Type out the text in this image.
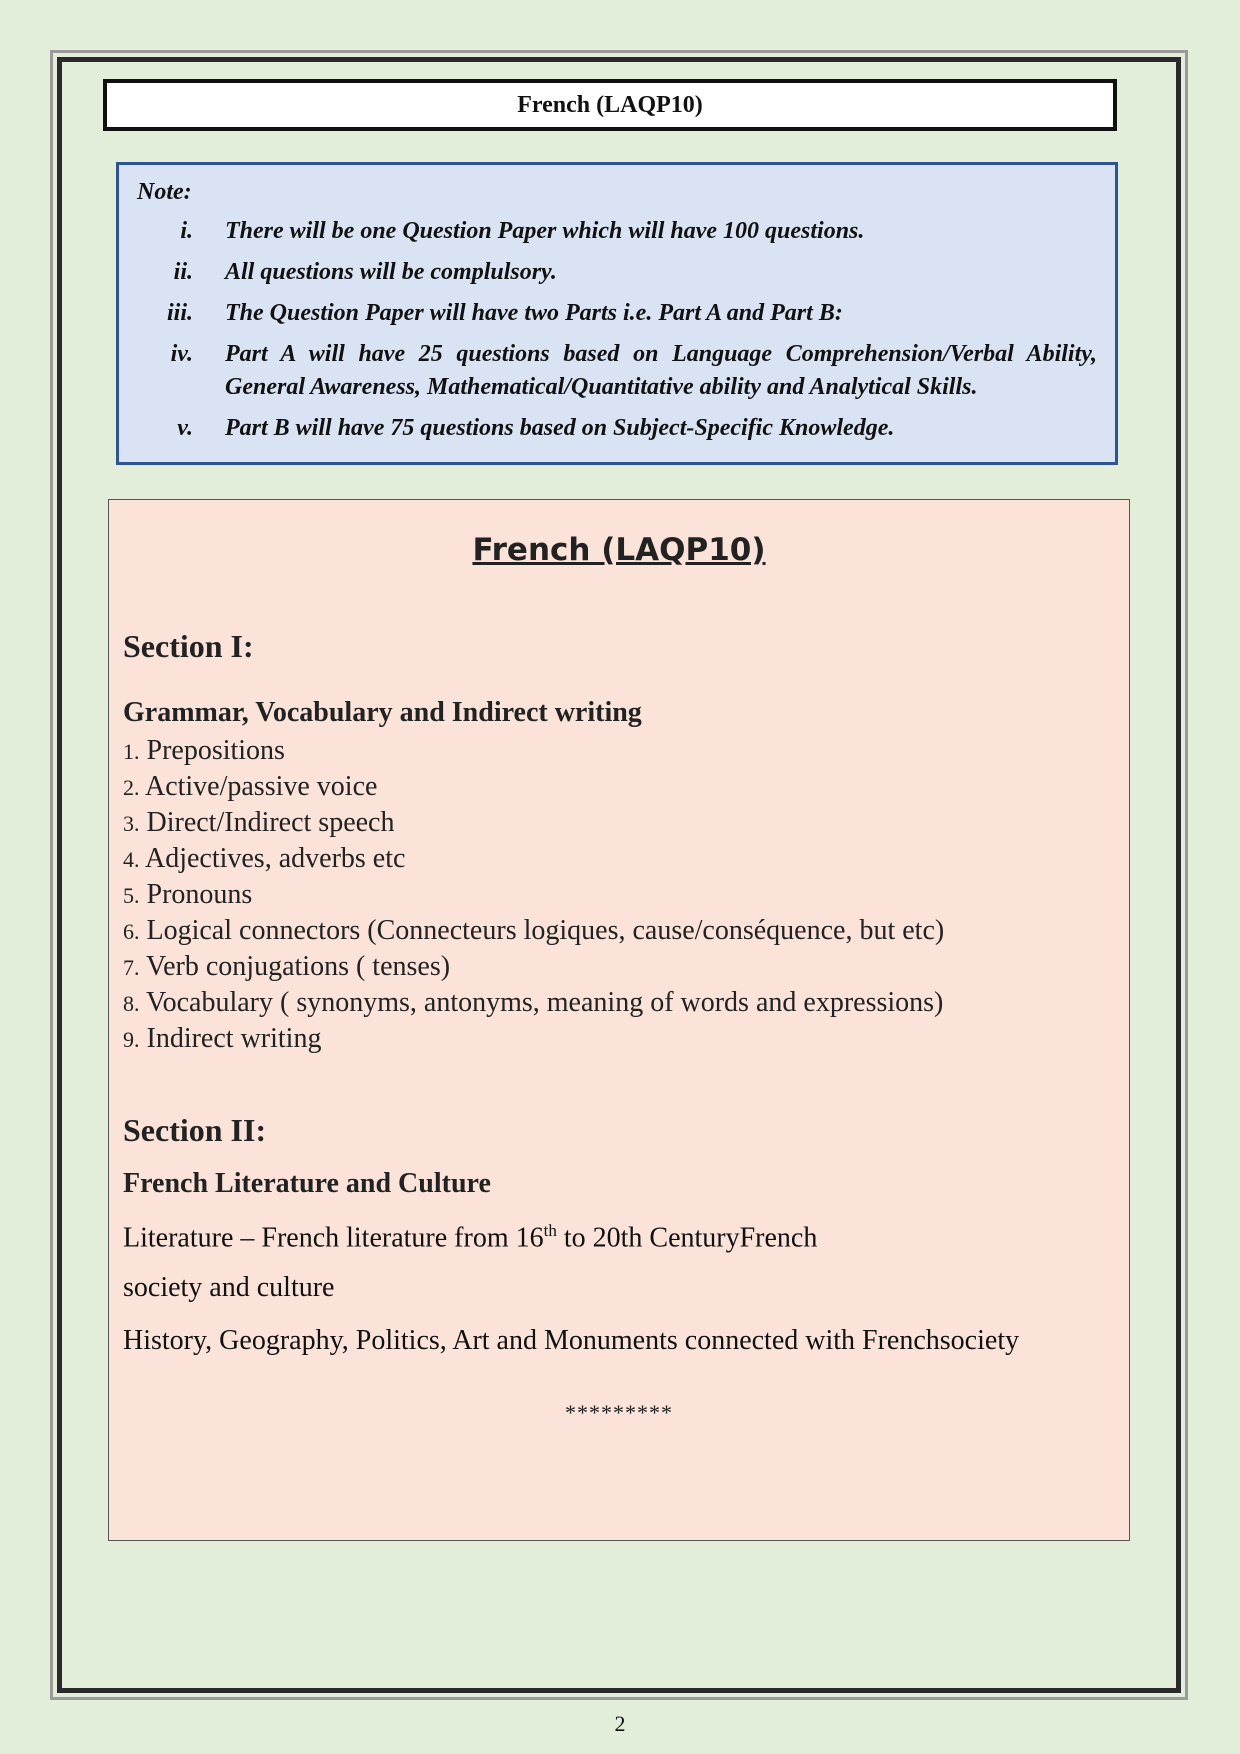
French (LAQP10)
Note:
i.	There will be one Question Paper which will have 100 questions.
ii.	All questions will be complulsory.
iii.	The Question Paper will have two Parts i.e. Part A and Part B:
iv.	Part A will have 25 questions based on Language Comprehension/Verbal Ability, General Awareness, Mathematical/Quantitative ability and Analytical Skills.
v.	Part B will have 75 questions based on Subject-Specific Knowledge.
French (LAQP10)
Section I:
Grammar, Vocabulary and Indirect writing
1. Prepositions
2. Active/passive voice
3. Direct/Indirect speech
4. Adjectives, adverbs etc
5. Pronouns
6. Logical connectors (Connecteurs logiques, cause/conséquence, but etc)
7. Verb conjugations ( tenses)
8. Vocabulary ( synonyms, antonyms, meaning of words and expressions)
9. Indirect writing
Section II:
French Literature and Culture
Literature – French literature from 16th to 20th CenturyFrench
society and culture
History, Geography, Politics, Art and Monuments connected with Frenchsociety
*********
2
